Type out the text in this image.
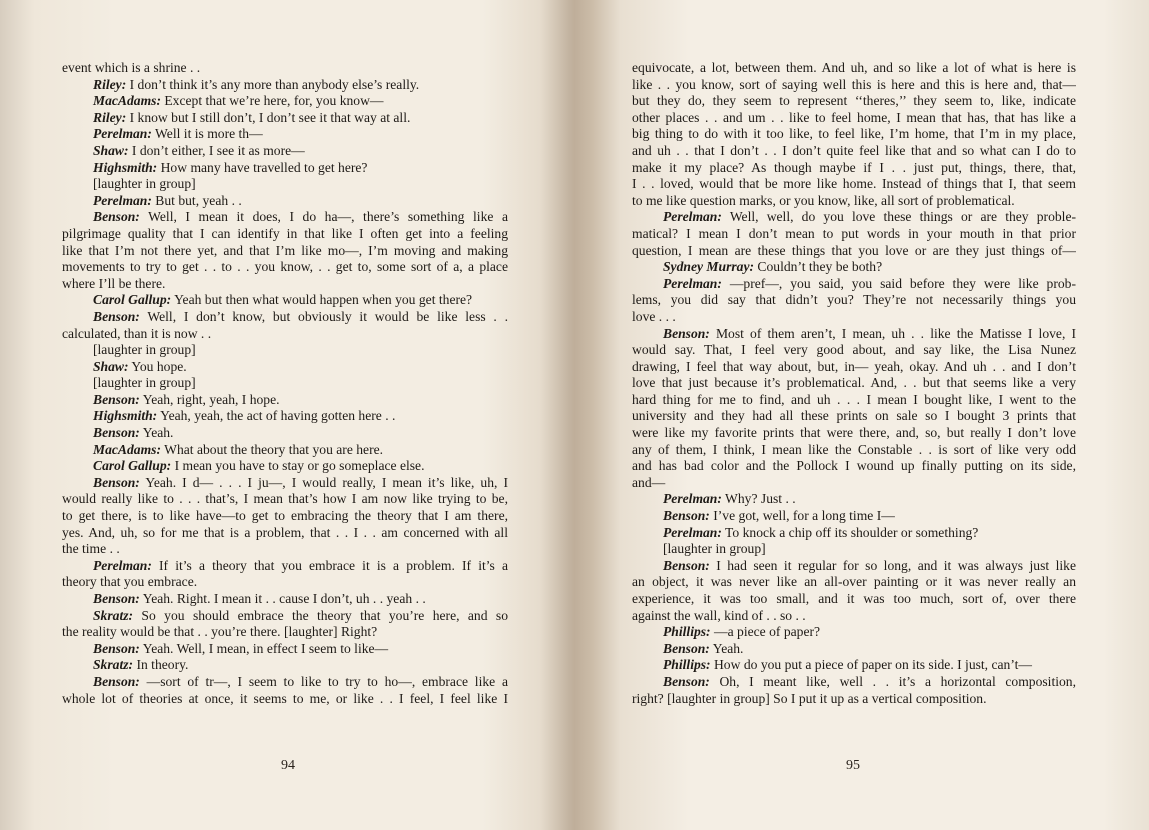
event which is a shrine . .
Riley: I don’t think it’s any more than anybody else’s really.
MacAdams: Except that we’re here, for, you know—
Riley: I know but I still don’t, I don’t see it that way at all.
Perelman: Well it is more th—
Shaw: I don’t either, I see it as more—
Highsmith: How many have travelled to get here?
[laughter in group]
Perelman: But but, yeah . .
Benson: Well, I mean it does, I do ha—, there’s something like a
pilgrimage quality that I can identify in that like I often get into a feeling
like that I’m not there yet, and that I’m like mo—, I’m moving and making
movements to try to get . . to . . you know, . . get to, some sort of a, a place
where I’ll be there.
Carol Gallup: Yeah but then what would happen when you get there?
Benson: Well, I don’t know, but obviously it would be like less . .
calculated, than it is now . .
[laughter in group]
Shaw: You hope.
[laughter in group]
Benson: Yeah, right, yeah, I hope.
Highsmith: Yeah, yeah, the act of having gotten here . .
Benson: Yeah.
MacAdams: What about the theory that you are here.
Carol Gallup: I mean you have to stay or go someplace else.
Benson: Yeah. I d— . . . I ju—, I would really, I mean it’s like, uh, I
would really like to . . . that’s, I mean that’s how I am now like trying to be,
to get there, is to like have—to get to embracing the theory that I am there,
yes. And, uh, so for me that is a problem, that . . I . . am concerned with all
the time . .
Perelman: If it’s a theory that you embrace it is a problem. If it’s a
theory that you embrace.
Benson: Yeah. Right. I mean it . . cause I don’t, uh . . yeah . .
Skratz: So you should embrace the theory that you’re here, and so
the reality would be that . . you’re there. [laughter] Right?
Benson: Yeah. Well, I mean, in effect I seem to like—
Skratz: In theory.
Benson: —sort of tr—, I seem to like to try to ho—, embrace like a
whole lot of theories at once, it seems to me, or like . . I feel, I feel like I
94
equivocate, a lot, between them. And uh, and so like a lot of what is here is
like . . you know, sort of saying well this is here and this is here and, that—
but they do, they seem to represent ‘‘theres,’’ they seem to, like, indicate
other places . . and um . . like to feel home, I mean that has, that has like a
big thing to do with it too like, to feel like, I’m home, that I’m in my place,
and uh . . that I don’t . . I don’t quite feel like that and so what can I do to
make it my place? As though maybe if I . . just put, things, there, that,
I . . loved, would that be more like home. Instead of things that I, that seem
to me like question marks, or you know, like, all sort of problematical.
Perelman: Well, well, do you love these things or are they proble-
matical? I mean I don’t mean to put words in your mouth in that prior
question, I mean are these things that you love or are they just things of—
Sydney Murray: Couldn’t they be both?
Perelman: —pref—, you said, you said before they were like prob-
lems, you did say that didn’t you? They’re not necessarily things you
love . . .
Benson: Most of them aren’t, I mean, uh . . like the Matisse I love, I
would say. That, I feel very good about, and say like, the Lisa Nunez
drawing, I feel that way about, but, in— yeah, okay. And uh . . and I don’t
love that just because it’s problematical. And, . . but that seems like a very
hard thing for me to find, and uh . . . I mean I bought like, I went to the
university and they had all these prints on sale so I bought 3 prints that
were like my favorite prints that were there, and, so, but really I don’t love
any of them, I think, I mean like the Constable . . is sort of like very odd
and has bad color and the Pollock I wound up finally putting on its side,
and—
Perelman: Why? Just . .
Benson: I’ve got, well, for a long time I—
Perelman: To knock a chip off its shoulder or something?
[laughter in group]
Benson: I had seen it regular for so long, and it was always just like
an object, it was never like an all-over painting or it was never really an
experience, it was too small, and it was too much, sort of, over there
against the wall, kind of . . so . .
Phillips: —a piece of paper?
Benson: Yeah.
Phillips: How do you put a piece of paper on its side. I just, can’t—
Benson: Oh, I meant like, well . . it’s a horizontal composition,
right? [laughter in group] So I put it up as a vertical composition.
95
